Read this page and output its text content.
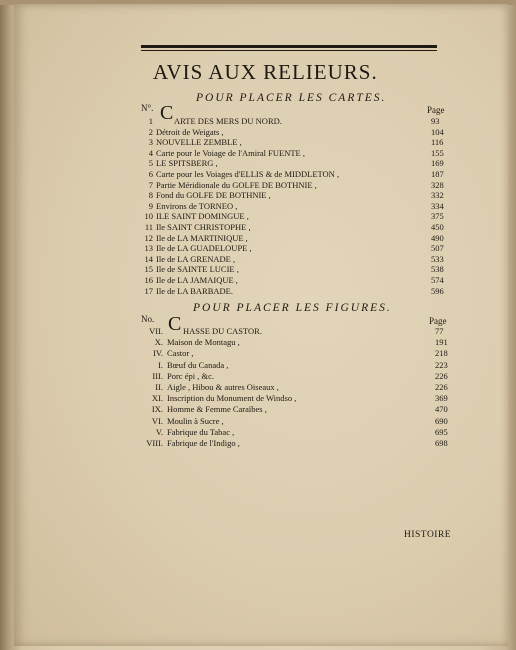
AVIS AUX RELIEURS.
POUR PLACER LES CARTES.
N°.	Page
C
1 ARTE DES MERS DU NORD.	93
2 Détroit de Weigats ,	104
3 NOUVELLE ZEMBLE ,	116
4 Carte pour le Voiage de l'Amiral FUENTE ,	155
5 LE SPITSBERG ,	169
6 Carte pour les Voiages d'ELLIS & de MIDDLETON ,	187
7 Partie Méridionale du GOLFE DE BOTHNIE ,	328
8 Fond du GOLFE DE BOTHNIE ,	332
9 Environs de TORNEO ,	334
10 ILE SAINT DOMINGUE ,	375
11 Ile SAINT CHRISTOPHE ,	450
12 Ile de LA MARTINIQUE ,	490
13 Ile de LA GUADELOUPE ,	507
14 Ile de LA GRENADE ,	533
15 Ile de SAINTE LUCIE ,	538
16 Ile de LA JAMAIQUE ,	574
17 Ile de LA BARBADE.	596
POUR PLACER LES FIGURES.
No.	Page
C
VII. HASSE DU CASTOR.	77
X. Maison de Montagu ,	191
IV. Castor ,	218
I. Bœuf du Canada ,	223
III. Porc épi , &c.	226
II. Aigle , Hibou & autres Oiseaux ,	226
XI. Inscription du Monument de Windso ,	369
IX. Homme & Femme Caraïbes ,	470
VI. Moulin à Sucre ,	690
V. Fabrique du Tabac ,	695
VIII. Fabrique de l'Indigo ,	698
HISTOIRE
